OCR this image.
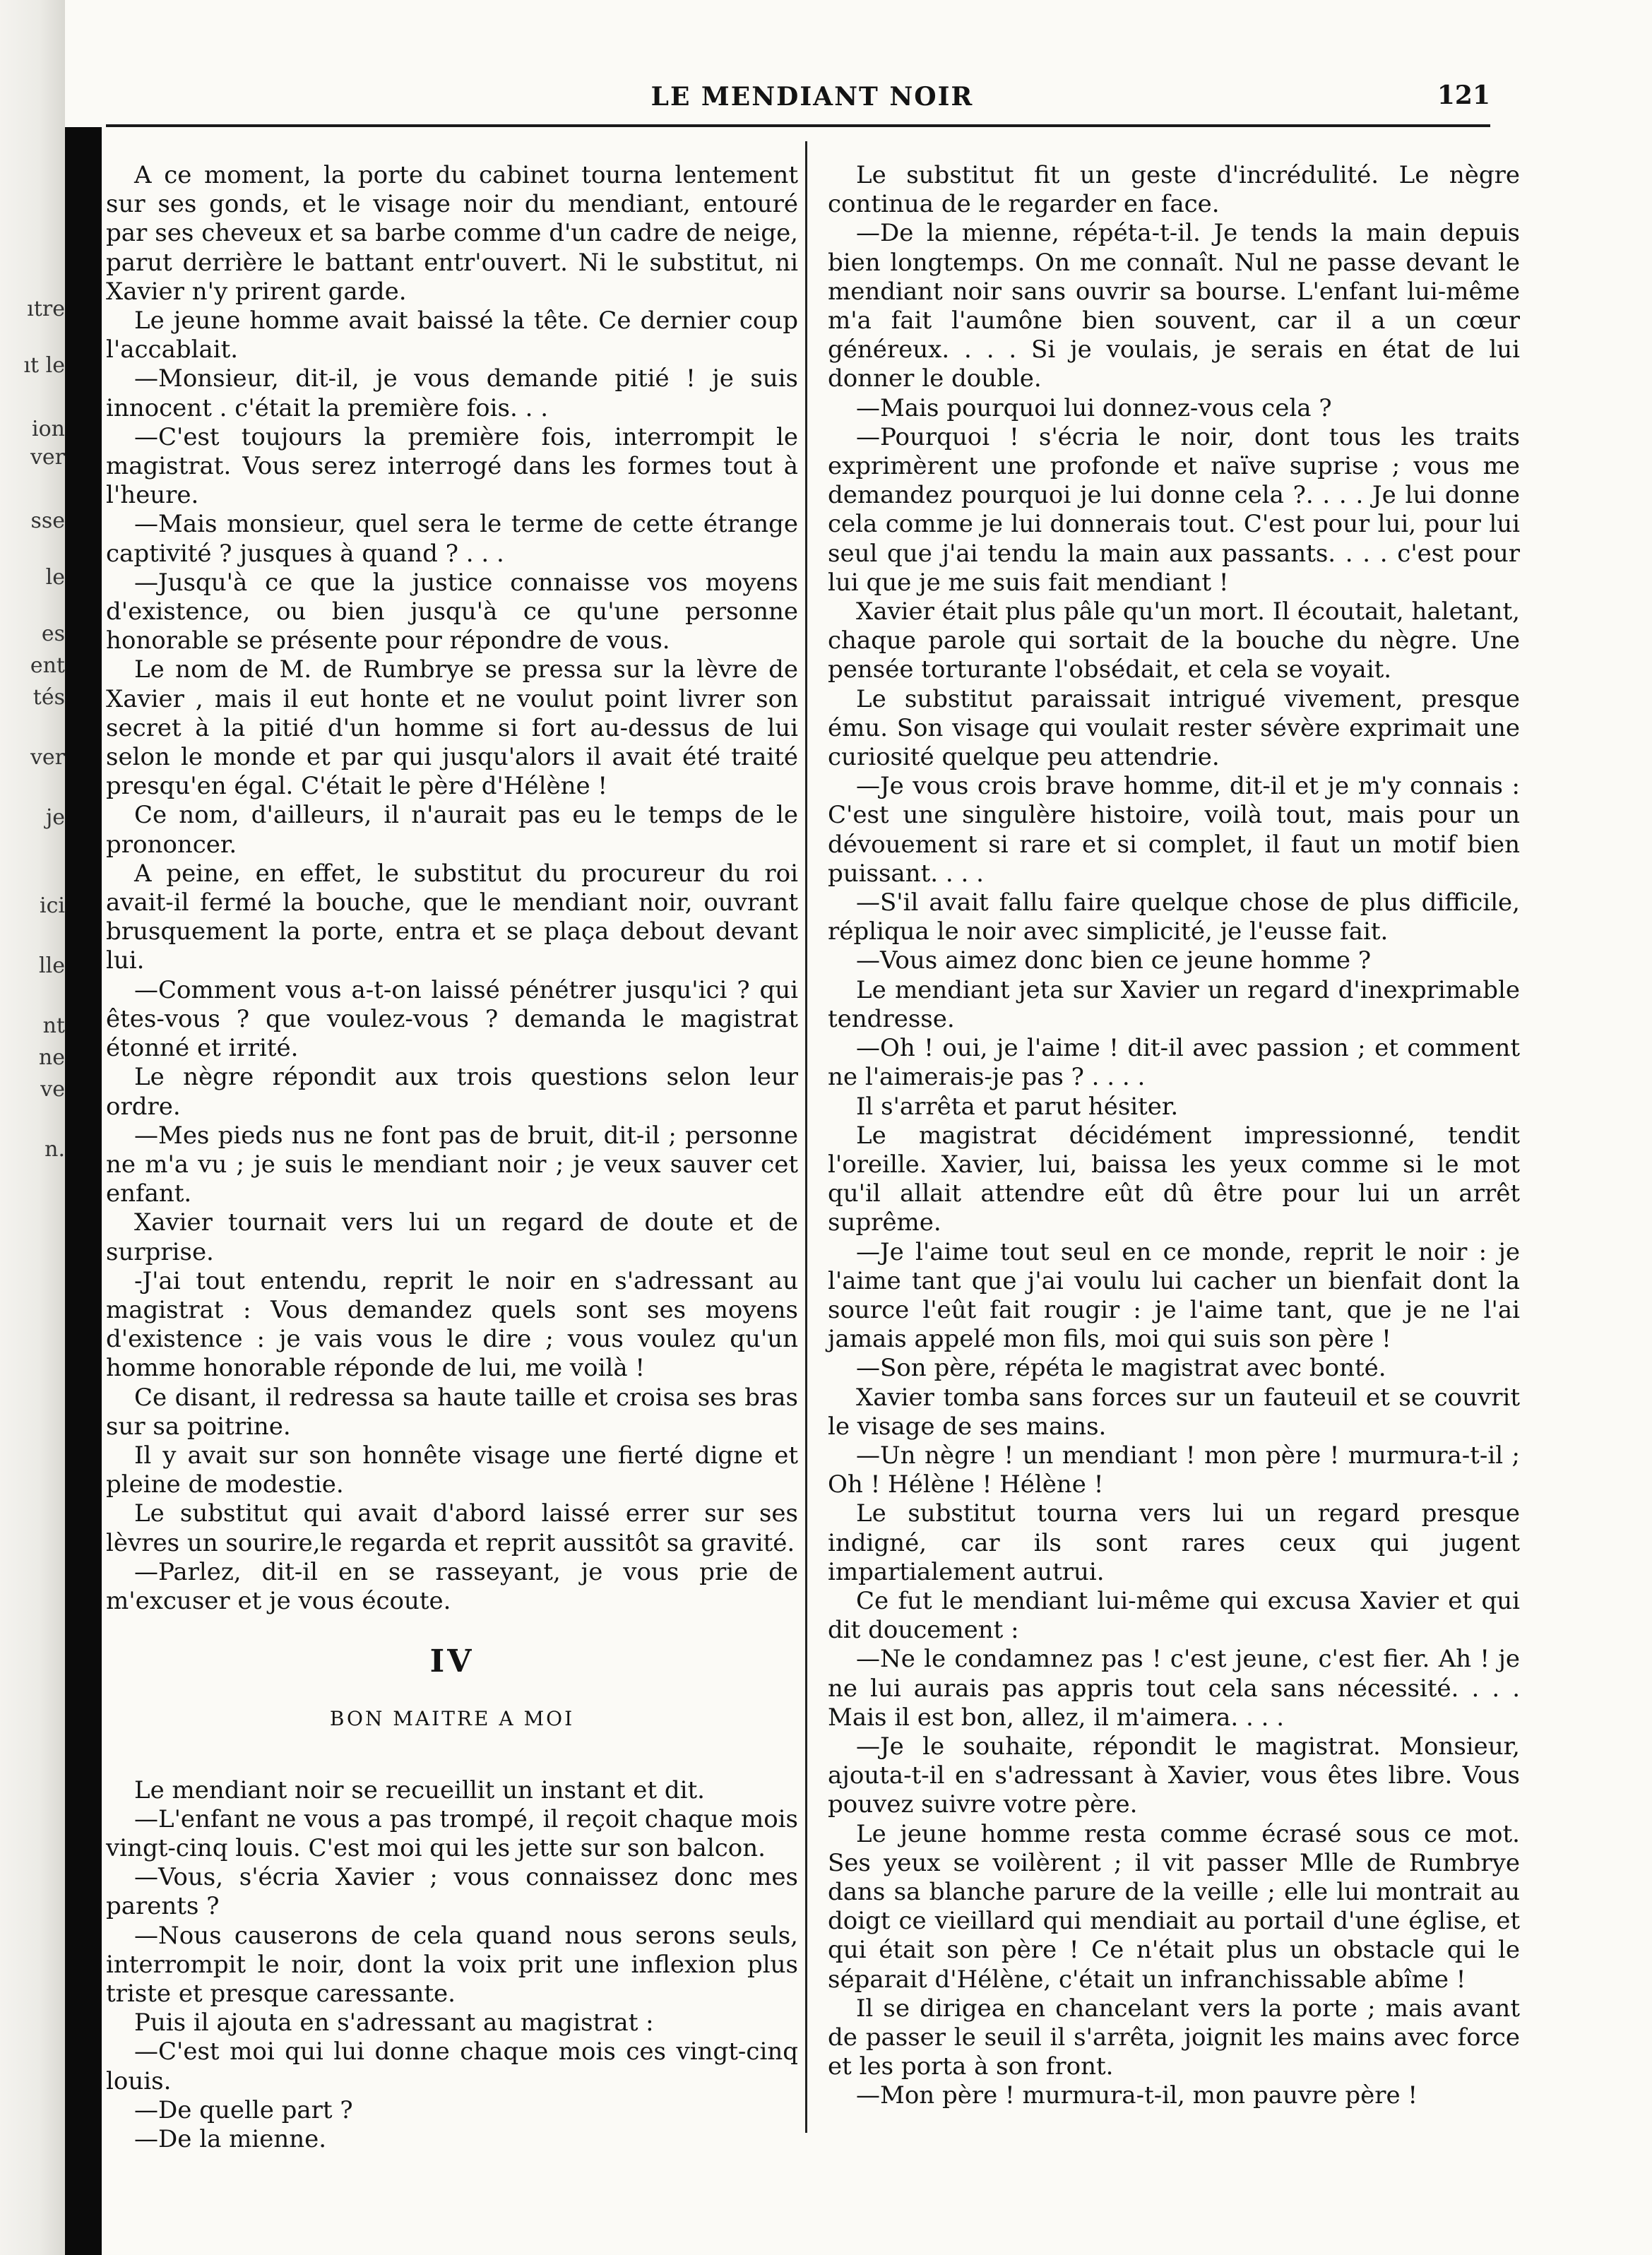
ıtre
ıt le
ion
ver
sse
le
es
ent
tés
ver
je
ici
lle
nt
ne
ve
n.
LE MENDIANT NOIR	121

A ce moment, la porte du cabinet tourna lentement sur ses gonds, et le visage noir du mendiant, entouré par ses cheveux et sa barbe comme d'un cadre de neige, parut derrière le battant entr'ouvert. Ni le substitut, ni Xavier n'y prirent garde.

Le jeune homme avait baissé la tête. Ce dernier coup l'accablait.

—Monsieur, dit-il, je vous demande pitié ! je suis innocent . c'était la première fois. . .

—C'est toujours la première fois, interrompit le magistrat. Vous serez interrogé dans les formes tout à l'heure.

—Mais monsieur, quel sera le terme de cette étrange captivité ? jusques à quand ? . . .

—Jusqu'à ce que la justice connaisse vos moyens d'existence, ou bien jusqu'à ce qu'une personne honorable se présente pour répondre de vous.

Le nom de M. de Rumbrye se pressa sur la lèvre de Xavier , mais il eut honte et ne voulut point livrer son secret à la pitié d'un homme si fort au-dessus de lui selon le monde et par qui jusqu'alors il avait été traité presqu'en égal. C'était le père d'Hélène !

Ce nom, d'ailleurs, il n'aurait pas eu le temps de le prononcer.

A peine, en effet, le substitut du procureur du roi avait-il fermé la bouche, que le mendiant noir, ouvrant brusquement la porte, entra et se plaça debout devant lui.

—Comment vous a-t-on laissé pénétrer jusqu'ici ? qui êtes-vous ? que voulez-vous ? demanda le magistrat étonné et irrité.

Le nègre répondit aux trois questions selon leur ordre.

—Mes pieds nus ne font pas de bruit, dit-il ; personne ne m'a vu ; je suis le mendiant noir ; je veux sauver cet enfant.

Xavier tournait vers lui un regard de doute et de surprise.

-J'ai tout entendu, reprit le noir en s'adressant au magistrat : Vous demandez quels sont ses moyens d'existence : je vais vous le dire ; vous voulez qu'un homme honorable réponde de lui, me voilà !

Ce disant, il redressa sa haute taille et croisa ses bras sur sa poitrine.

Il y avait sur son honnête visage une fierté digne et pleine de modestie.

Le substitut qui avait d'abord laissé errer sur ses lèvres un sourire,le regarda et reprit aussitôt sa gravité.

—Parlez, dit-il en se rasseyant, je vous prie de m'excuser et je vous écoute.

IV

BON MAITRE A MOI

Le mendiant noir se recueillit un instant et dit.

—L'enfant ne vous a pas trompé, il reçoit chaque mois vingt-cinq louis. C'est moi qui les jette sur son balcon.

—Vous, s'écria Xavier ; vous connaissez donc mes parents ?

—Nous causerons de cela quand nous serons seuls, interrompit le noir, dont la voix prit une inflexion plus triste et presque caressante.

Puis il ajouta en s'adressant au magistrat :

—C'est moi qui lui donne chaque mois ces vingt-cinq louis.

—De quelle part ?

—De la mienne.

Le substitut fit un geste d'incrédulité. Le nègre continua de le regarder en face.

—De la mienne, répéta-t-il. Je tends la main depuis bien longtemps. On me connaît. Nul ne passe devant le mendiant noir sans ouvrir sa bourse. L'enfant lui-même m'a fait l'aumône bien souvent, car il a un cœur généreux. . . . Si je voulais, je serais en état de lui donner le double.

—Mais pourquoi lui donnez-vous cela ?

—Pourquoi ! s'écria le noir, dont tous les traits exprimèrent une profonde et naïve suprise ; vous me demandez pourquoi je lui donne cela ?. . . . Je lui donne cela comme je lui donnerais tout. C'est pour lui, pour lui seul que j'ai tendu la main aux passants. . . . c'est pour lui que je me suis fait mendiant !

Xavier était plus pâle qu'un mort. Il écoutait, haletant, chaque parole qui sortait de la bouche du nègre. Une pensée torturante l'obsédait, et cela se voyait.

Le substitut paraissait intrigué vivement, presque ému. Son visage qui voulait rester sévère exprimait une curiosité quelque peu attendrie.

—Je vous crois brave homme, dit-il et je m'y connais : C'est une singulère histoire, voilà tout, mais pour un dévouement si rare et si complet, il faut un motif bien puissant. . . .

—S'il avait fallu faire quelque chose de plus difficile, répliqua le noir avec simplicité, je l'eusse fait.

—Vous aimez donc bien ce jeune homme ?

Le mendiant jeta sur Xavier un regard d'inexprimable tendresse.

—Oh ! oui, je l'aime ! dit-il avec passion ; et comment ne l'aimerais-je pas ? . . . .

Il s'arrêta et parut hésiter.

Le magistrat décidément impressionné, tendit l'oreille. Xavier, lui, baissa les yeux comme si le mot qu'il allait attendre eût dû être pour lui un arrêt suprême.

—Je l'aime tout seul en ce monde, reprit le noir : je l'aime tant que j'ai voulu lui cacher un bienfait dont la source l'eût fait rougir : je l'aime tant, que je ne l'ai jamais appelé mon fils, moi qui suis son père !

—Son père, répéta le magistrat avec bonté.

Xavier tomba sans forces sur un fauteuil et se couvrit le visage de ses mains.

—Un nègre ! un mendiant ! mon père ! murmura-t-il ; Oh ! Hélène ! Hélène !

Le substitut tourna vers lui un regard presque indigné, car ils sont rares ceux qui jugent impartialement autrui.

Ce fut le mendiant lui-même qui excusa Xavier et qui dit doucement :

—Ne le condamnez pas ! c'est jeune, c'est fier. Ah ! je ne lui aurais pas appris tout cela sans nécessité. . . . Mais il est bon, allez, il m'aimera. . . .

—Je le souhaite, répondit le magistrat. Monsieur, ajouta-t-il en s'adressant à Xavier, vous êtes libre. Vous pouvez suivre votre père.

Le jeune homme resta comme écrasé sous ce mot. Ses yeux se voilèrent ; il vit passer Mlle de Rumbrye dans sa blanche parure de la veille ; elle lui montrait au doigt ce vieillard qui mendiait au portail d'une église, et qui était son père ! Ce n'était plus un obstacle qui le séparait d'Hélène, c'était un infranchissable abîme !

Il se dirigea en chancelant vers la porte ; mais avant de passer le seuil il s'arrêta, joignit les mains avec force et les porta à son front.

—Mon père ! murmura-t-il, mon pauvre père !
